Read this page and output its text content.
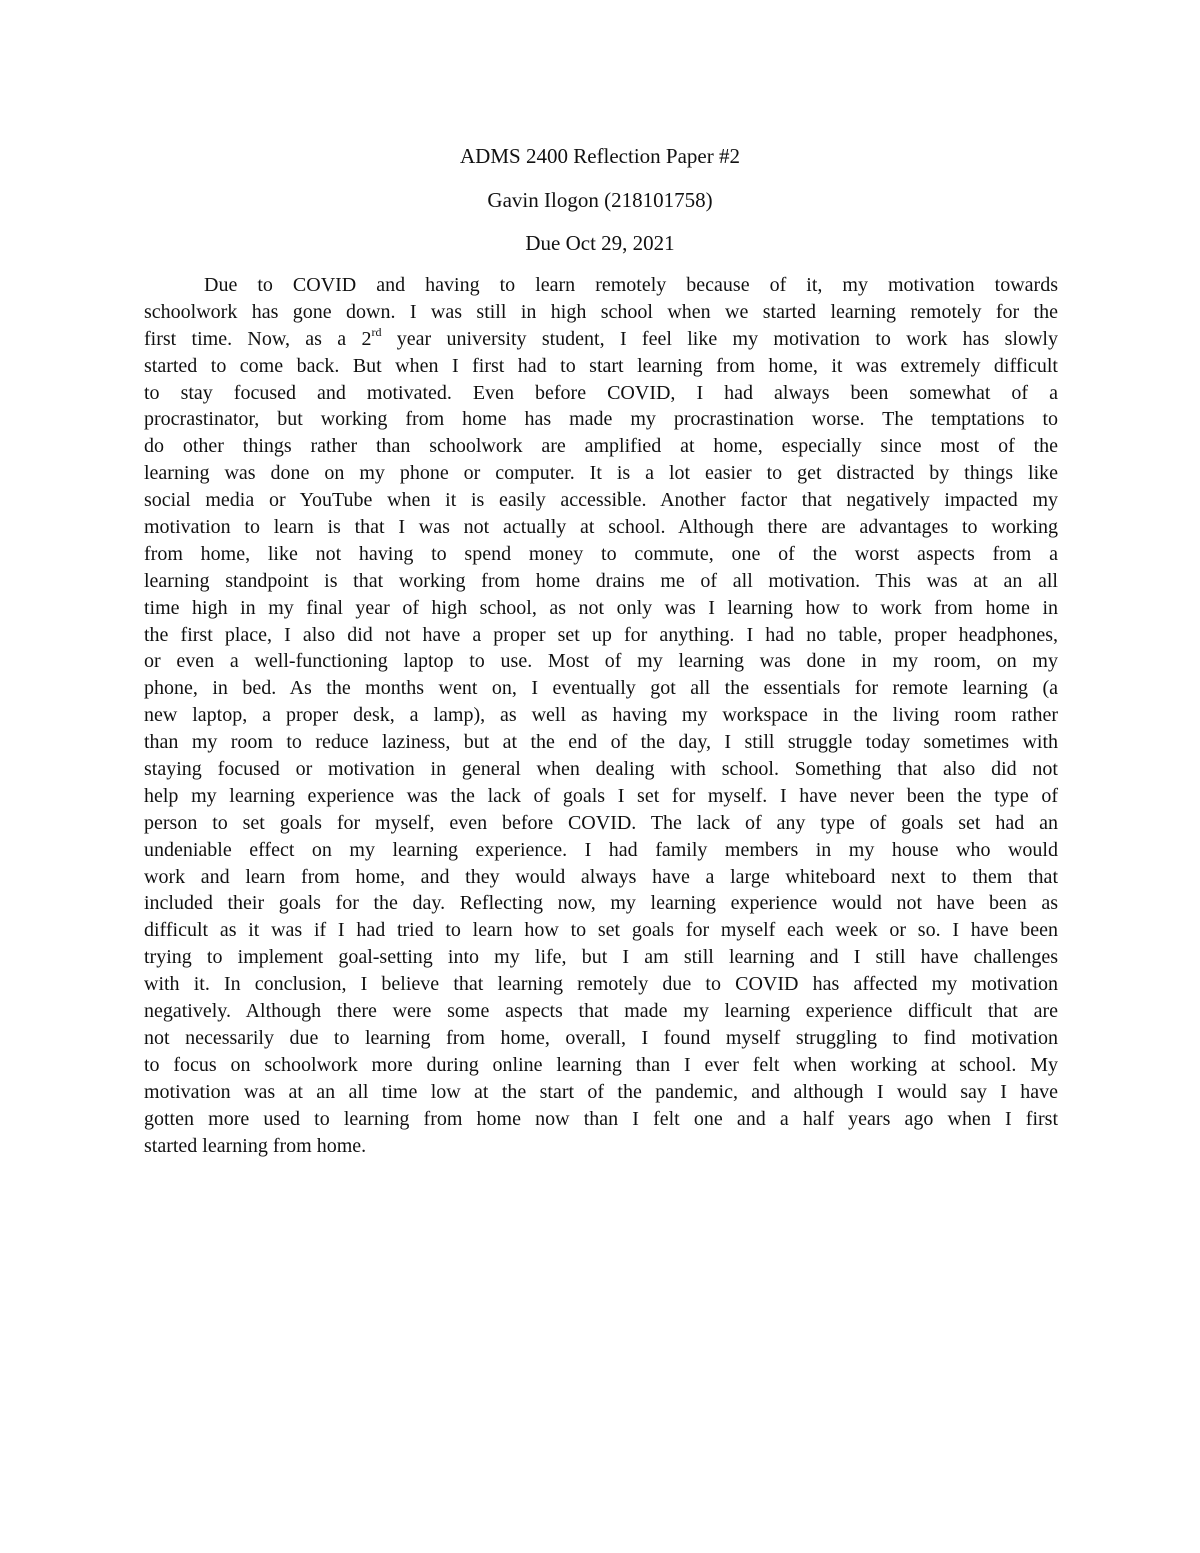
ADMS 2400 Reflection Paper #2

Gavin Ilogon (218101758)

Due Oct 29, 2021

Due to COVID and having to learn remotely because of it, my motivation towards
schoolwork has gone down. I was still in high school when we started learning remotely for the
first time. Now, as a 2rd year university student, I feel like my motivation to work has slowly
started to come back. But when I first had to start learning from home, it was extremely difficult
to stay focused and motivated. Even before COVID, I had always been somewhat of a
procrastinator, but working from home has made my procrastination worse. The temptations to
do other things rather than schoolwork are amplified at home, especially since most of the
learning was done on my phone or computer. It is a lot easier to get distracted by things like
social media or YouTube when it is easily accessible. Another factor that negatively impacted my
motivation to learn is that I was not actually at school. Although there are advantages to working
from home, like not having to spend money to commute, one of the worst aspects from a
learning standpoint is that working from home drains me of all motivation. This was at an all
time high in my final year of high school, as not only was I learning how to work from home in
the first place, I also did not have a proper set up for anything. I had no table, proper headphones,
or even a well-functioning laptop to use. Most of my learning was done in my room, on my
phone, in bed. As the months went on, I eventually got all the essentials for remote learning (a
new laptop, a proper desk, a lamp), as well as having my workspace in the living room rather
than my room to reduce laziness, but at the end of the day, I still struggle today sometimes with
staying focused or motivation in general when dealing with school. Something that also did not
help my learning experience was the lack of goals I set for myself. I have never been the type of
person to set goals for myself, even before COVID. The lack of any type of goals set had an
undeniable effect on my learning experience. I had family members in my house who would
work and learn from home, and they would always have a large whiteboard next to them that
included their goals for the day. Reflecting now, my learning experience would not have been as
difficult as it was if I had tried to learn how to set goals for myself each week or so. I have been
trying to implement goal-setting into my life, but I am still learning and I still have challenges
with it. In conclusion, I believe that learning remotely due to COVID has affected my motivation
negatively. Although there were some aspects that made my learning experience difficult that are
not necessarily due to learning from home, overall, I found myself struggling to find motivation
to focus on schoolwork more during online learning than I ever felt when working at school. My
motivation was at an all time low at the start of the pandemic, and although I would say I have
gotten more used to learning from home now than I felt one and a half years ago when I first
started learning from home.
